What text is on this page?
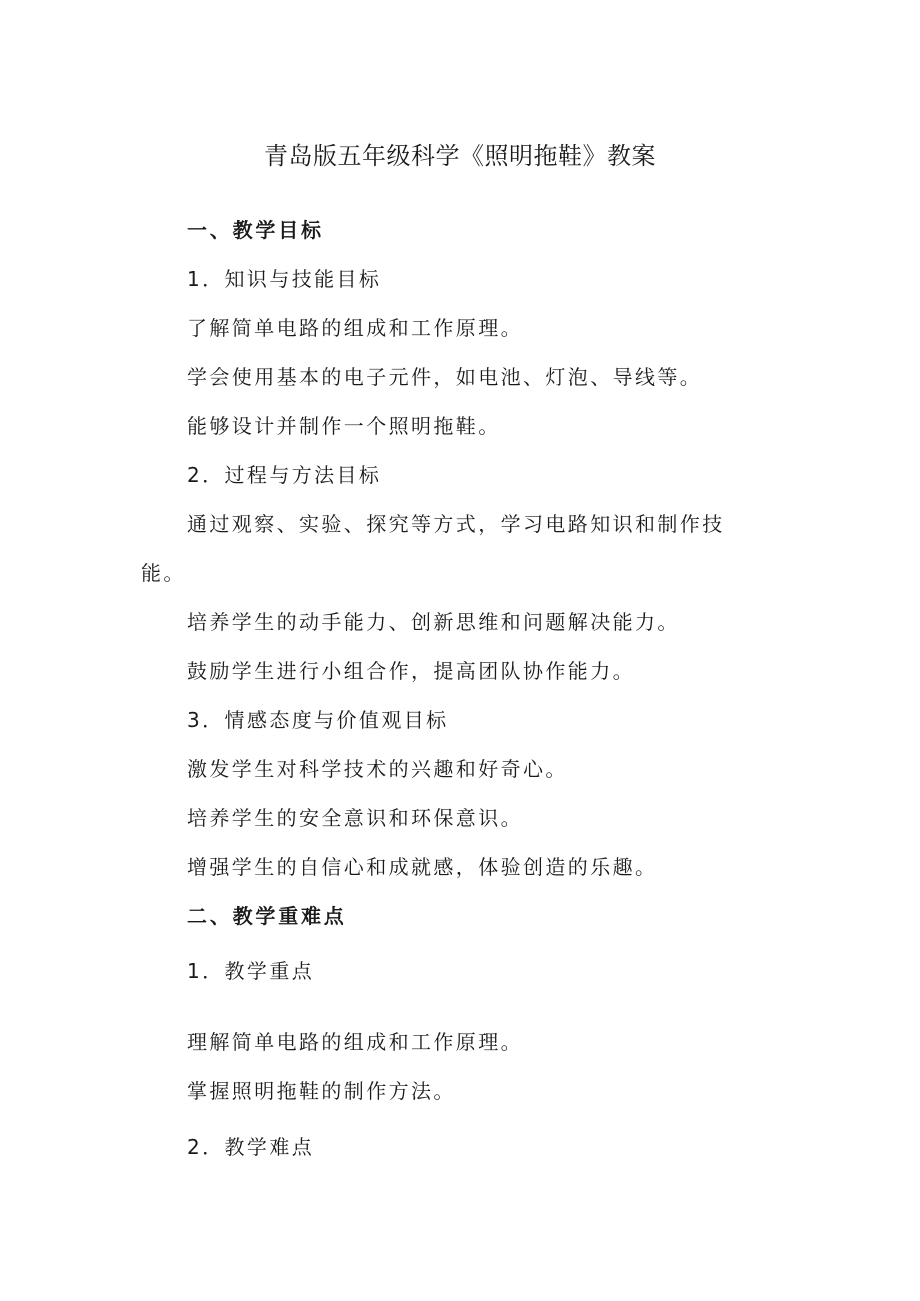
青岛版五年级科学《照明拖鞋》教案
一、教学目标
1．知识与技能目标
了解简单电路的组成和工作原理。
学会使用基本的电子元件，如电池、灯泡、导线等。
能够设计并制作一个照明拖鞋。
2．过程与方法目标
通过观察、实验、探究等方式，学习电路知识和制作技
能。
培养学生的动手能力、创新思维和问题解决能力。
鼓励学生进行小组合作，提高团队协作能力。
3．情感态度与价值观目标
激发学生对科学技术的兴趣和好奇心。
培养学生的安全意识和环保意识。
增强学生的自信心和成就感，体验创造的乐趣。
二、教学重难点
1．教学重点
理解简单电路的组成和工作原理。
掌握照明拖鞋的制作方法。
2．教学难点
